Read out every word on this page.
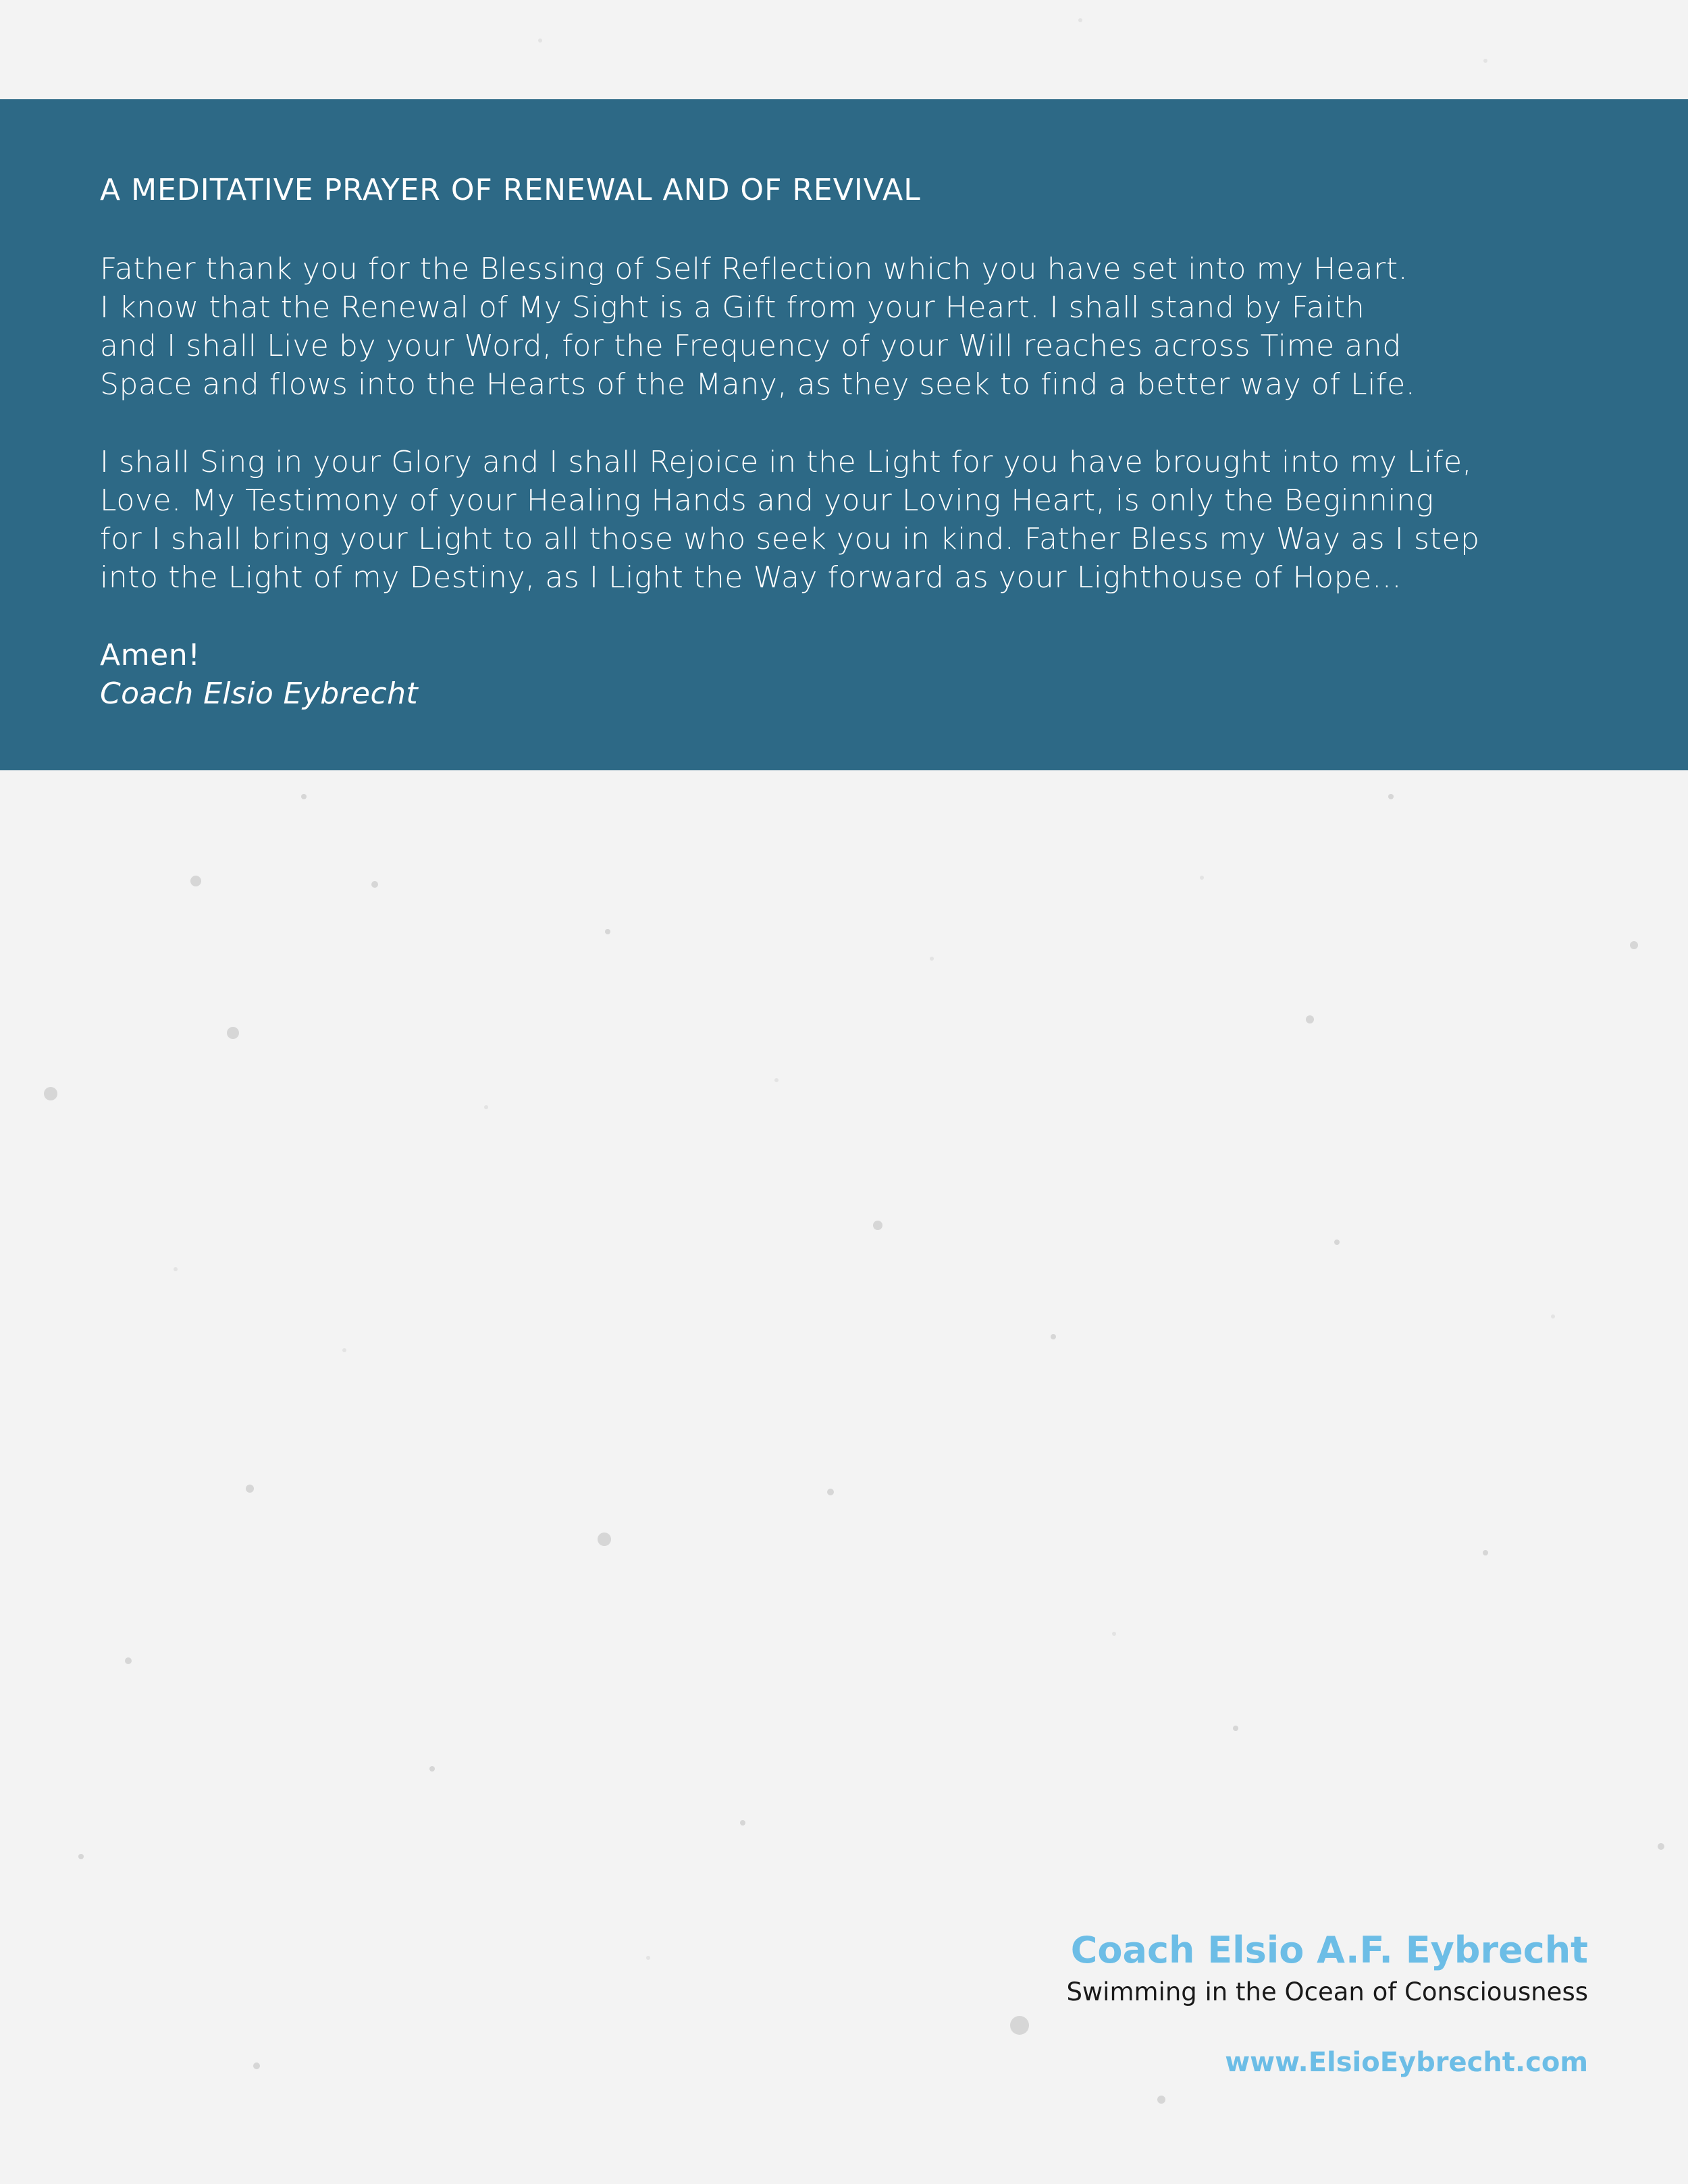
A MEDITATIVE PRAYER OF RENEWAL AND OF REVIVAL

Father thank you for the Blessing of Self Reflection which you have set into my Heart.
I know that the Renewal of My Sight is a Gift from your Heart. I shall stand by Faith
and I shall Live by your Word, for the Frequency of your Will reaches across Time and
Space and flows into the Hearts of the Many, as they seek to find a better way of Life.

I shall Sing in your Glory and I shall Rejoice in the Light for you have brought into my Life,
Love. My Testimony of your Healing Hands and your Loving Heart, is only the Beginning
for I shall bring your Light to all those who seek you in kind. Father Bless my Way as I step
into the Light of my Destiny, as I Light the Way forward as your Lighthouse of Hope…

Amen!
Coach Elsio Eybrecht
Coach Elsio A.F. Eybrecht
Swimming in the Ocean of Consciousness
www.ElsioEybrecht.com
